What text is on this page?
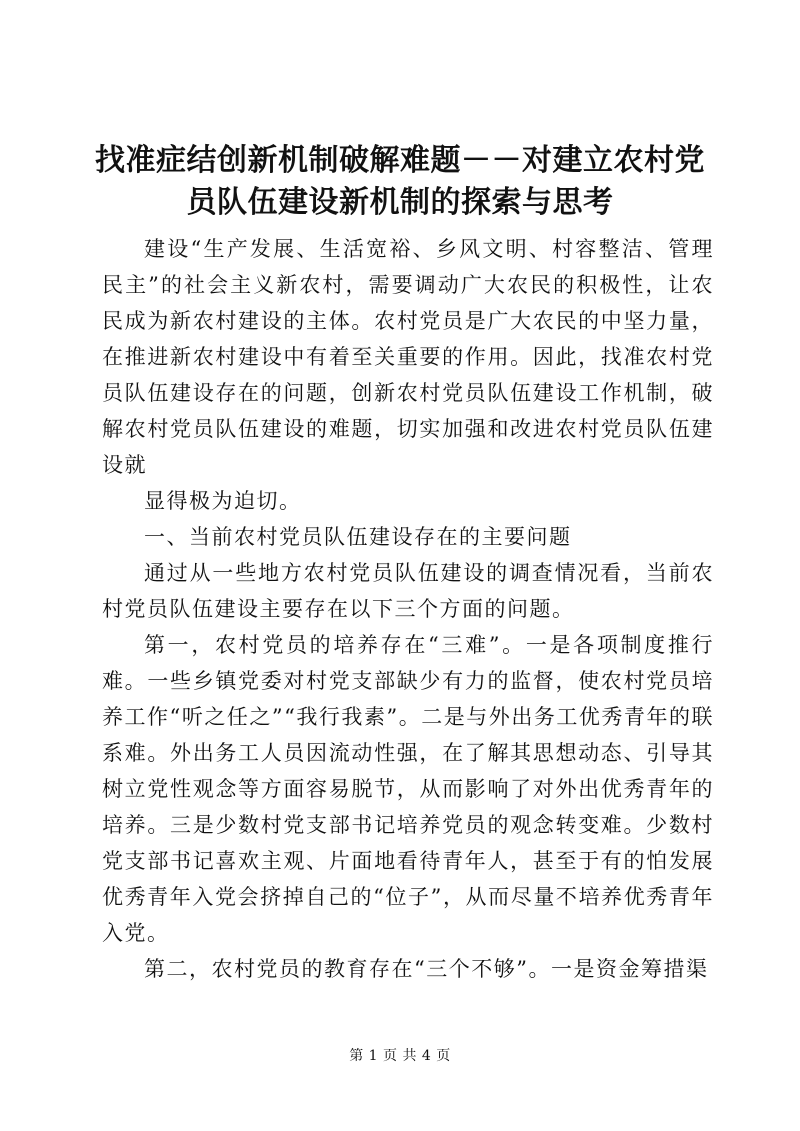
找准症结创新机制破解难题－－对建立农村党
员队伍建设新机制的探索与思考

建设“生产发展、生活宽裕、乡风文明、村容整洁、管理民主”的社会主义新农村，需要调动广大农民的积极性，让农民成为新农村建设的主体。农村党员是广大农民的中坚力量，在推进新农村建设中有着至关重要的作用。因此，找准农村党员队伍建设存在的问题，创新农村党员队伍建设工作机制，破解农村党员队伍建设的难题，切实加强和改进农村党员队伍建设就

显得极为迫切。

一、当前农村党员队伍建设存在的主要问题

通过从一些地方农村党员队伍建设的调查情况看，当前农村党员队伍建设主要存在以下三个方面的问题。

第一，农村党员的培养存在“三难”。一是各项制度推行难。一些乡镇党委对村党支部缺少有力的监督，使农村党员培养工作“听之任之”“我行我素”。二是与外出务工优秀青年的联系难。外出务工人员因流动性强，在了解其思想动态、引导其树立党性观念等方面容易脱节，从而影响了对外出优秀青年的培养。三是少数村党支部书记培养党员的观念转变难。少数村党支部书记喜欢主观、片面地看待青年人，甚至于有的怕发展优秀青年入党会挤掉自己的“位子”，从而尽量不培养优秀青年入党。

第二，农村党员的教育存在“三个不够”。一是资金筹措渠

第 1 页 共 4 页
